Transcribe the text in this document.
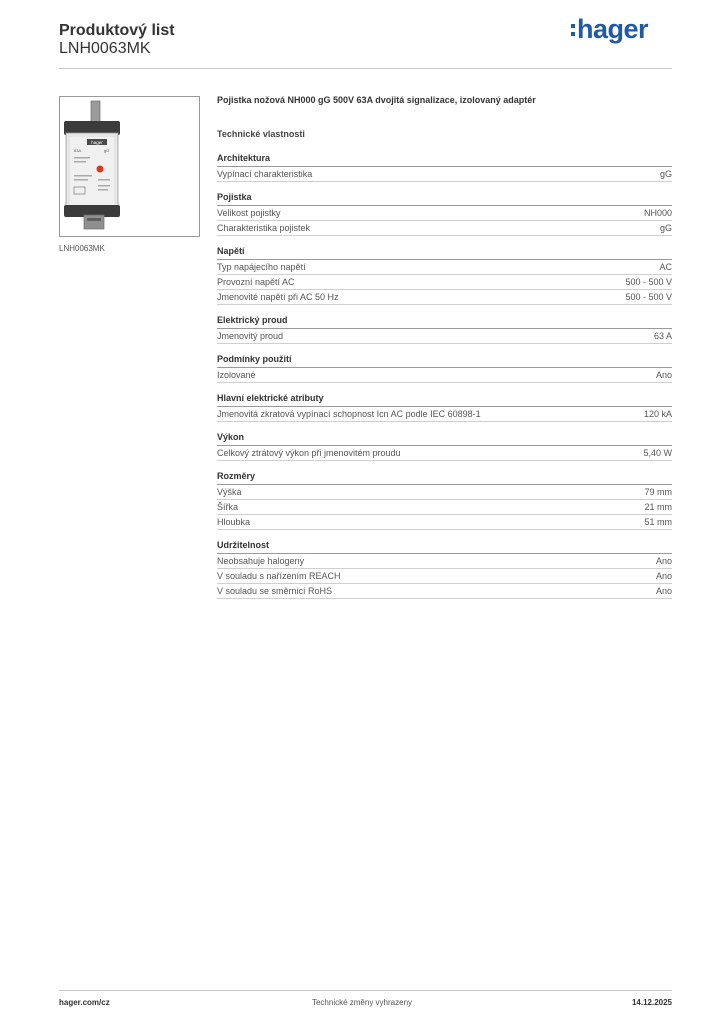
Produktový list
LNH0063MK
hager
hager
63A	gG
LNH0063MK
Pojistka nožová NH000 gG 500V 63A dvojitá signalizace, izolovaný adaptér
Technické vlastnosti
Architektura
Vypínací charakteristika	gG
Pojistka
Velikost pojistky	NH000
Charakteristika pojistek	gG
Napětí
Typ napájecího napětí	AC
Provozní napětí AC	500 - 500 V
Jmenovité napětí při AC 50 Hz	500 - 500 V
Elektrický proud
Jmenovitý proud	63 A
Podmínky použití
Izolované	Ano
Hlavní elektrické atributy
Jmenovitá zkratová vypínací schopnost Icn AC podle IEC 60898-1	120 kA
Výkon
Celkový ztrátový výkon při jmenovitém proudu	5,40 W
Rozměry
Výška	79 mm
Šířka	21 mm
Hloubka	51 mm
Udržitelnost
Neobsahuje halogeny	Ano
V souladu s nařízením REACH	Ano
V souladu se směrnicí RoHS	Ano
hager.com/cz	Technické změny vyhrazeny	14.12.2025
